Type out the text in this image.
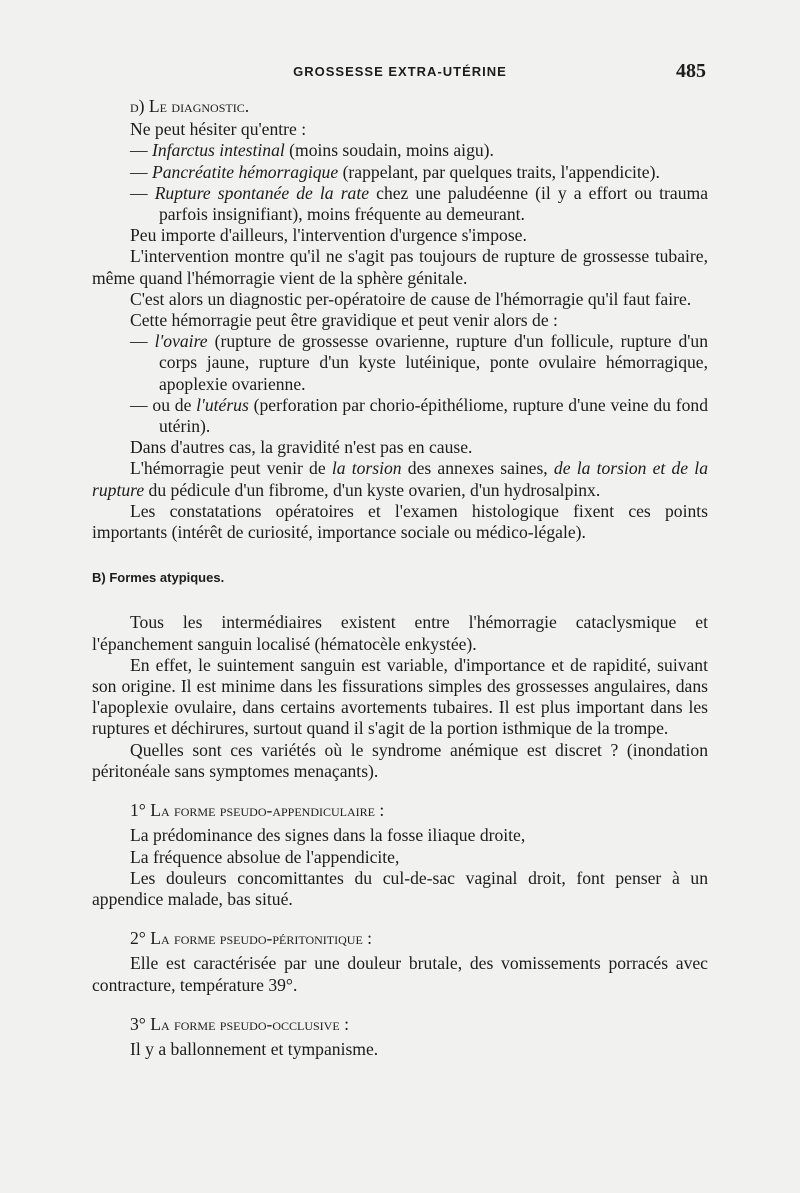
GROSSESSE EXTRA-UTÉRINE	485

d) Le diagnostic.

Ne peut hésiter qu'entre :

— Infarctus intestinal (moins soudain, moins aigu).

— Pancréatite hémorragique (rappelant, par quelques traits, l'appendicite).

— Rupture spontanée de la rate chez une paludéenne (il y a effort ou trauma parfois insignifiant), moins fréquente au demeurant.

Peu importe d'ailleurs, l'intervention d'urgence s'impose.

L'intervention montre qu'il ne s'agit pas toujours de rupture de grossesse tubaire, même quand l'hémorragie vient de la sphère génitale.

C'est alors un diagnostic per-opératoire de cause de l'hémorragie qu'il faut faire.

Cette hémorragie peut être gravidique et peut venir alors de :

— l'ovaire (rupture de grossesse ovarienne, rupture d'un follicule, rupture d'un corps jaune, rupture d'un kyste lutéinique, ponte ovulaire hémorragique, apoplexie ovarienne.

— ou de l'utérus (perforation par chorio-épithéliome, rupture d'une veine du fond utérin).

Dans d'autres cas, la gravidité n'est pas en cause.

L'hémorragie peut venir de la torsion des annexes saines, de la torsion et de la rupture du pédicule d'un fibrome, d'un kyste ovarien, d'un hydrosalpinx.

Les constatations opératoires et l'examen histologique fixent ces points importants (intérêt de curiosité, importance sociale ou médico-légale).

B) Formes atypiques.

Tous les intermédiaires existent entre l'hémorragie cataclysmique et l'épanchement sanguin localisé (hématocèle enkystée).

En effet, le suintement sanguin est variable, d'importance et de rapidité, suivant son origine. Il est minime dans les fissurations simples des grossesses angulaires, dans l'apoplexie ovulaire, dans certains avortements tubaires. Il est plus important dans les ruptures et déchirures, surtout quand il s'agit de la portion isthmique de la trompe.

Quelles sont ces variétés où le syndrome anémique est discret ? (inondation péritonéale sans symptomes menaçants).

1° La forme pseudo-appendiculaire :

La prédominance des signes dans la fosse iliaque droite,

La fréquence absolue de l'appendicite,

Les douleurs concomittantes du cul-de-sac vaginal droit, font penser à un appendice malade, bas situé.

2° La forme pseudo-péritonitique :

Elle est caractérisée par une douleur brutale, des vomissements porracés avec contracture, température 39°.

3° La forme pseudo-occlusive :

Il y a ballonnement et tympanisme.
